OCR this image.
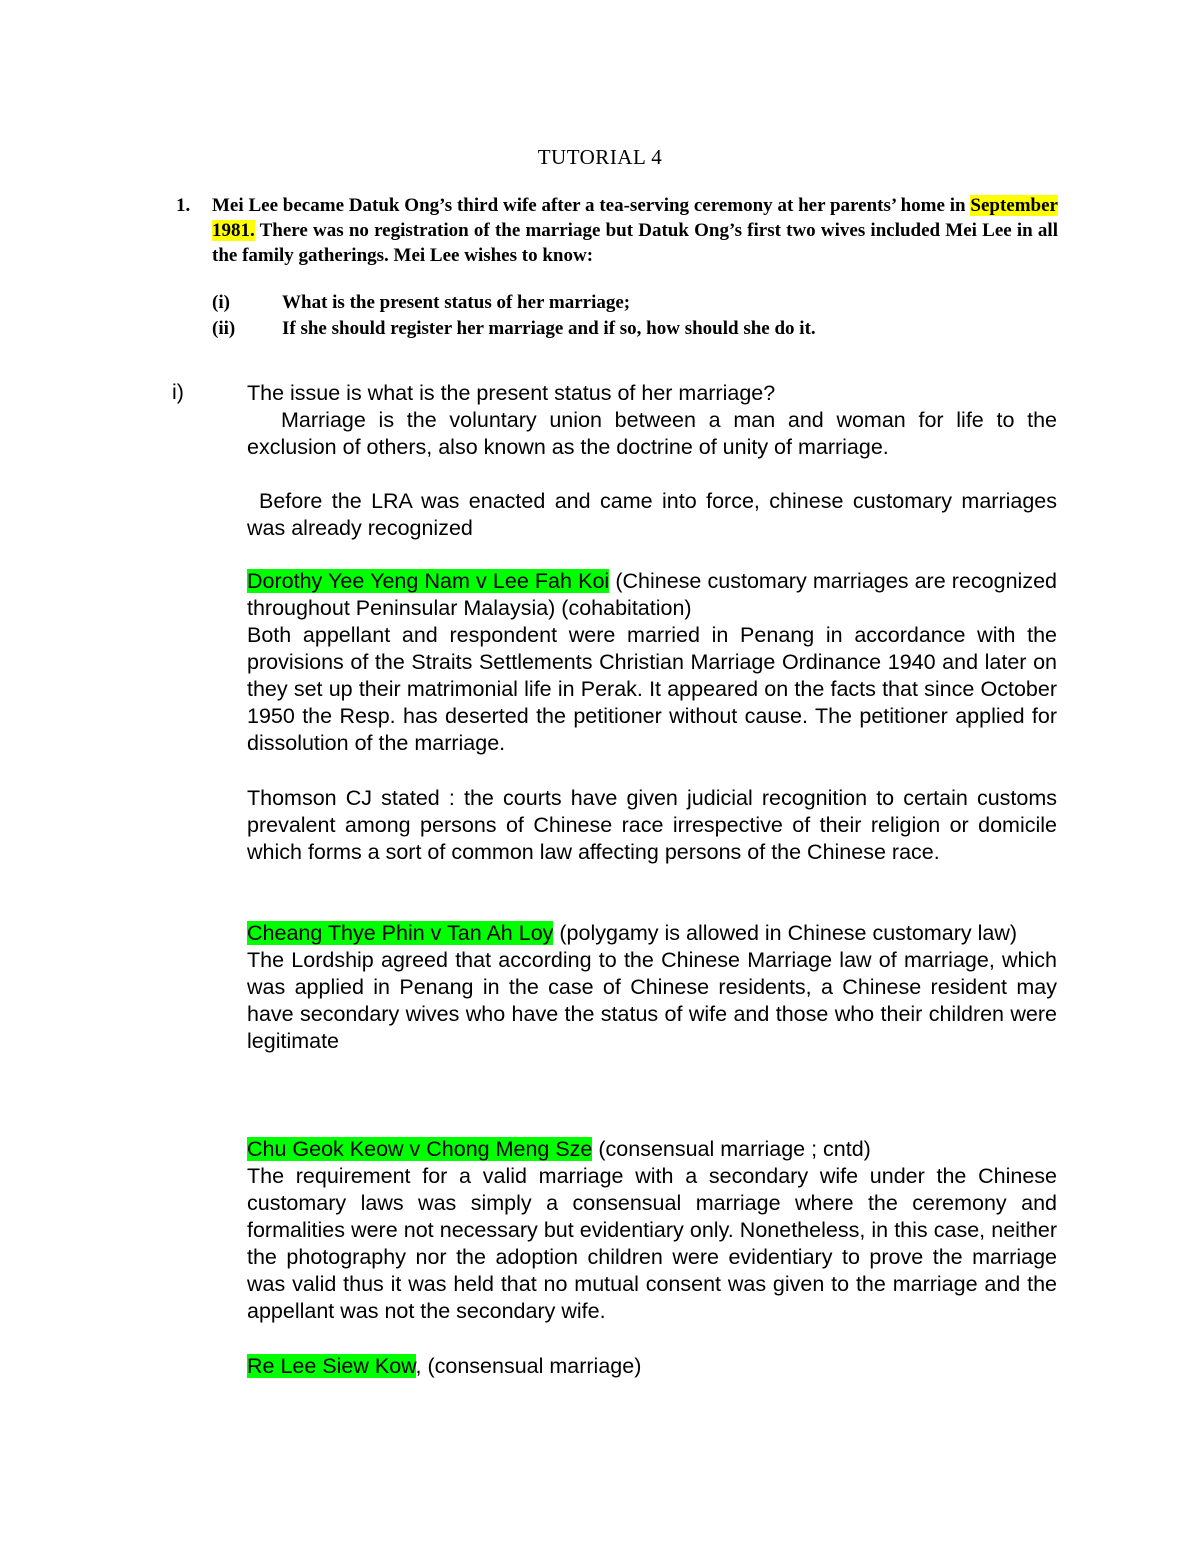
TUTORIAL 4
1. Mei Lee became Datuk Ong’s third wife after a tea-serving ceremony at her parents’ home in September 1981. There was no registration of the marriage but Datuk Ong’s first two wives included Mei Lee in all the family gatherings. Mei Lee wishes to know:
(i)	What is the present status of her marriage;
(ii) If she should register her marriage and if so, how should she do it.
i)	The issue is what is the present status of her marriage?
Marriage is the voluntary union between a man and woman for life to the exclusion of others, also known as the doctrine of unity of marriage.
Before the LRA was enacted and came into force, chinese customary marriages was already recognized
Dorothy Yee Yeng Nam v Lee Fah Koi (Chinese customary marriages are recognized throughout Peninsular Malaysia) (cohabitation)
Both appellant and respondent were married in Penang in accordance with the provisions of the Straits Settlements Christian Marriage Ordinance 1940 and later on they set up their matrimonial life in Perak. It appeared on the facts that since October 1950 the Resp. has deserted the petitioner without cause. The petitioner applied for dissolution of the marriage.
Thomson CJ stated : the courts have given judicial recognition to certain customs prevalent among persons of Chinese race irrespective of their religion or domicile which forms a sort of common law affecting persons of the Chinese race.
Cheang Thye Phin v Tan Ah Loy (polygamy is allowed in Chinese customary law)
The Lordship agreed that according to the Chinese Marriage law of marriage, which was applied in Penang in the case of Chinese residents, a Chinese resident may have secondary wives who have the status of wife and those who their children were legitimate
Chu Geok Keow v Chong Meng Sze (consensual marriage ; cntd)
The requirement for a valid marriage with a secondary wife under the Chinese customary laws was simply a consensual marriage where the ceremony and formalities were not necessary but evidentiary only. Nonetheless, in this case, neither the photography nor the adoption children were evidentiary to prove the marriage was valid thus it was held that no mutual consent was given to the marriage and the appellant was not the secondary wife.
Re Lee Siew Kow, (consensual marriage)
